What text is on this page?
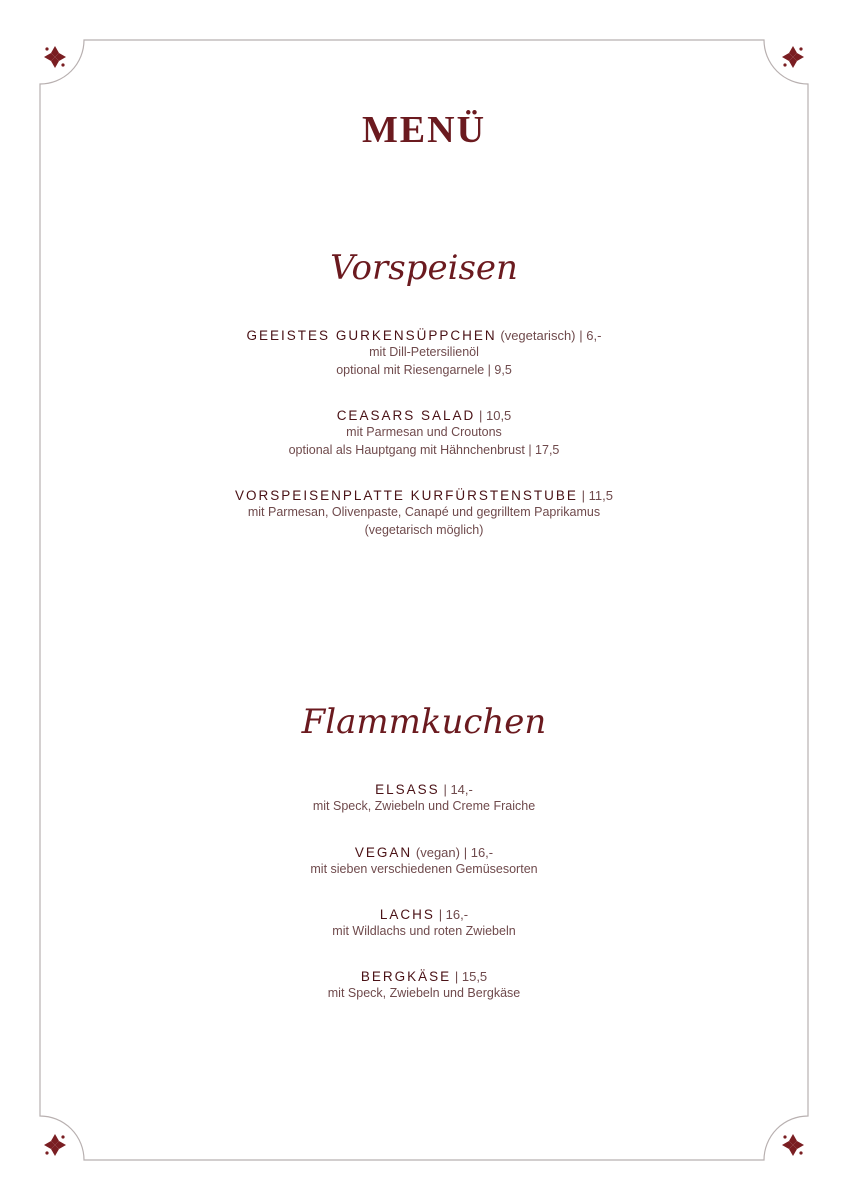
MENÜ
Vorspeisen
GEEISTES GURKENSÜPPCHEN (vegetarisch) | 6,-
mit Dill-Petersilienöl
optional mit Riesengarnele | 9,5
CEASARS SALAD | 10,5
mit Parmesan und Croutons
optional als Hauptgang mit Hähnchenbrust | 17,5
VORSPEISENPLATTE KURFÜRSTENSTUBE | 11,5
mit Parmesan, Olivenpaste, Canapé und gegrilltem Paprikamus
(vegetarisch möglich)
Flammkuchen
ELSASS | 14,-
mit Speck, Zwiebeln und Creme Fraiche
VEGAN (vegan) | 16,-
mit sieben verschiedenen Gemüsesorten
LACHS | 16,-
mit Wildlachs und roten Zwiebeln
BERGKÄSE | 15,5
mit Speck, Zwiebeln und Bergkäse
